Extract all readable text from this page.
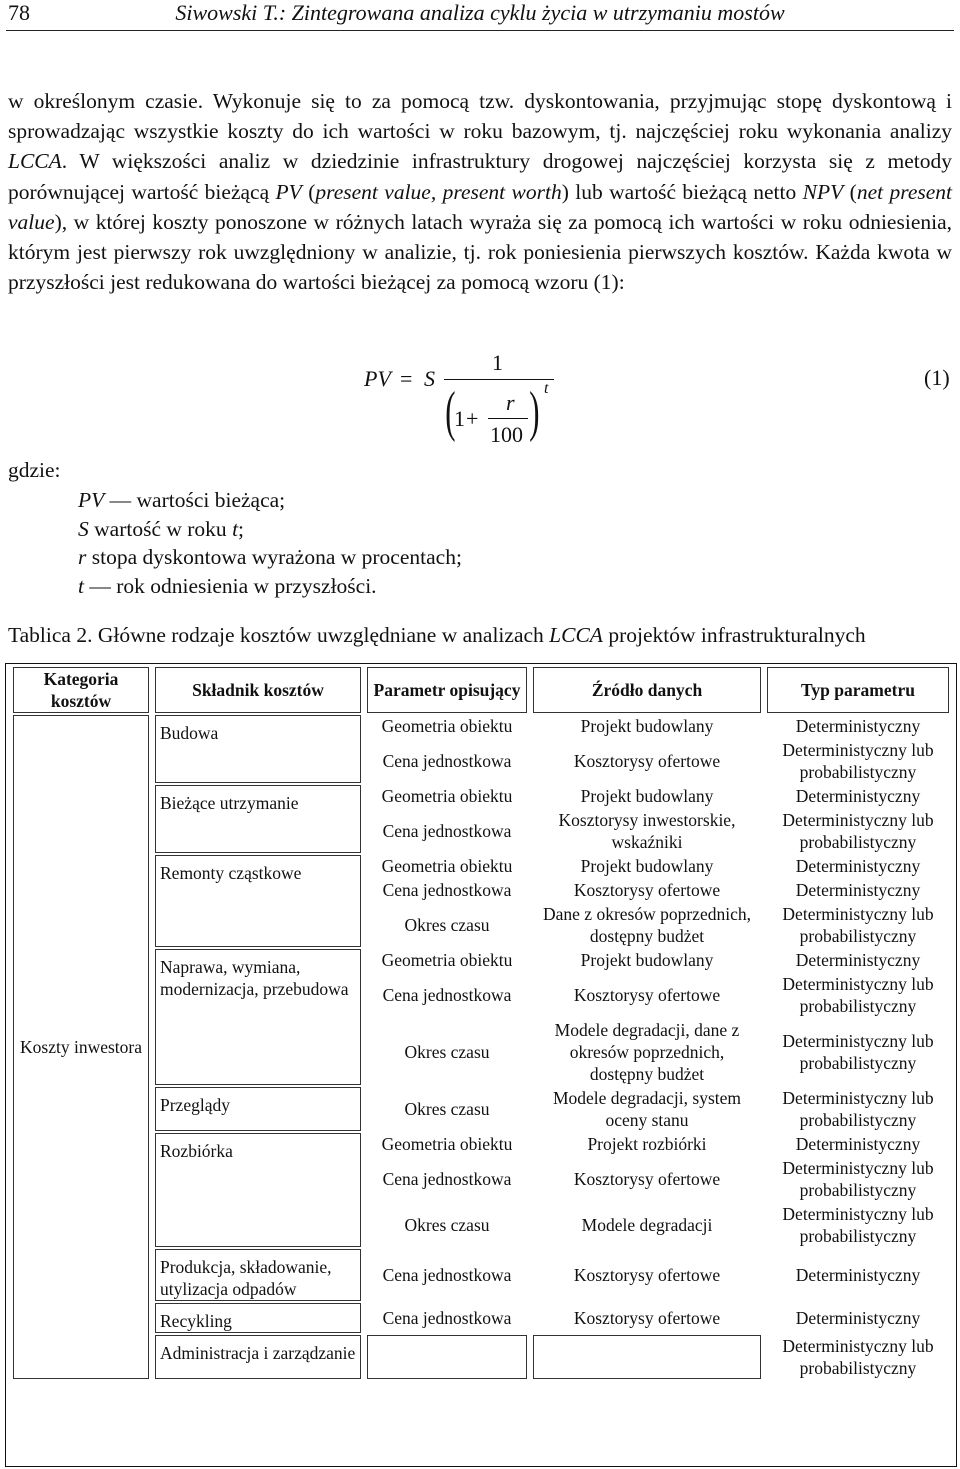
78	Siwowski T.: Zintegrowana analiza cyklu życia w utrzymaniu mostów
w określonym czasie. Wykonuje się to za pomocą tzw. dyskontowania, przyjmując stopę dyskontową i sprowadzając wszystkie koszty do ich wartości w roku bazowym, tj. najczęściej roku wykonania analizy LCCA. W większości analiz w dziedzinie infrastruktury drogowej najczęściej korzysta się z metody porównującej wartość bieżącą PV (present value, present worth) lub wartość bieżącą netto NPV (net present value), w której koszty ponoszone w różnych latach wyraża się za pomocą ich wartości w roku odniesienia, którym jest pierwszy rok uwzględniony w analizie, tj. rok poniesienia pierwszych kosztów. Każda kwota w przyszłości jest redukowana do wartości bieżącej za pomocą wzoru (1):
PV = S
1
(
1 +
r
100 ) t	(1)
gdzie:
PV — wartości bieżąca;
S wartość w roku t;
r stopa dyskontowa wyrażona w procentach;
t — rok odniesienia w przyszłości.
Tablica 2. Główne rodzaje kosztów uwzględniane w analizach LCCA projektów infrastrukturalnych
Kategoria kosztów	Składnik kosztów	Parametr opisujący	Źródło danych	Typ parametru
Koszty inwestora	Budowa	Geometria obiektu	Projekt budowlany	Deterministyczny
		Cena jednostkowa	Kosztorysy ofertowe	Deterministyczny lub probabilistyczny
	Bieżące utrzymanie	Geometria obiektu	Projekt budowlany	Deterministyczny
		Cena jednostkowa	Kosztorysy inwestorskie, wskaźniki	Deterministyczny lub probabilistyczny
	Remonty cząstkowe	Geometria obiektu	Projekt budowlany	Deterministyczny
		Cena jednostkowa	Kosztorysy ofertowe	Deterministyczny
		Okres czasu	Dane z okresów poprzednich, dostępny budżet	Deterministyczny lub probabilistyczny
	Naprawa, wymiana, modernizacja, przebudowa	Geometria obiektu	Projekt budowlany	Deterministyczny
		Cena jednostkowa	Kosztorysy ofertowe	Deterministyczny lub probabilistyczny
		Okres czasu	Modele degradacji, dane z okresów poprzednich, dostępny budżet	Deterministyczny lub probabilistyczny
	Przeglądy	Okres czasu	Modele degradacji, system oceny stanu	Deterministyczny lub probabilistyczny
	Rozbiórka	Geometria obiektu	Projekt rozbiórki	Deterministyczny
		Cena jednostkowa	Kosztorysy ofertowe	Deterministyczny lub probabilistyczny
		Okres czasu	Modele degradacji	Deterministyczny lub probabilistyczny
	Produkcja, składowanie, utylizacja odpadów	Cena jednostkowa	Kosztorysy ofertowe	Deterministyczny
	Recykling	Cena jednostkowa	Kosztorysy ofertowe	Deterministyczny
	Administracja i zarządzanie			Deterministyczny lub probabilistyczny
